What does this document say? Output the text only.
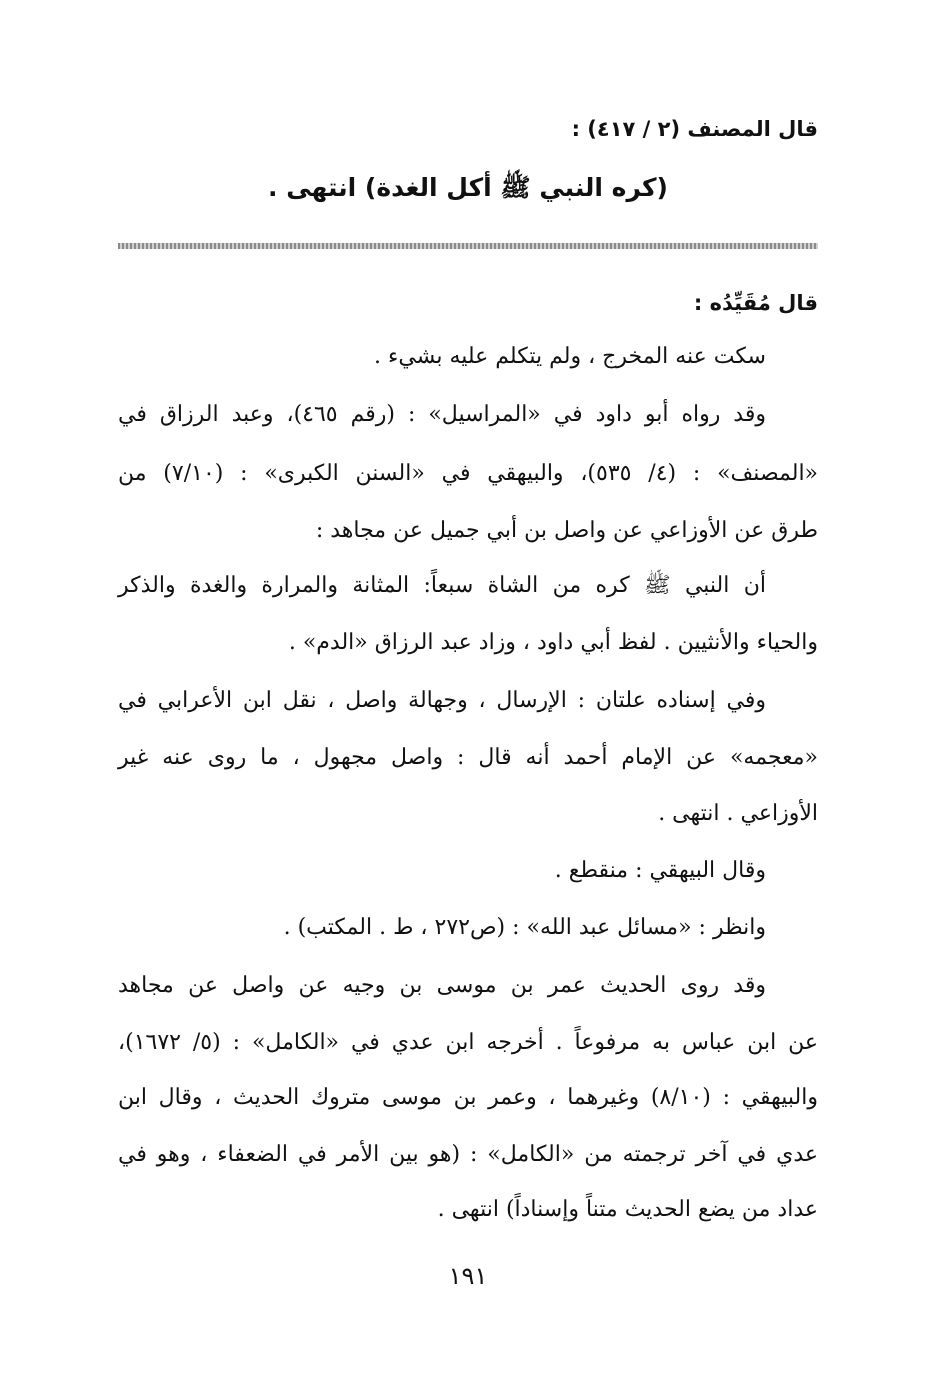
قال المصنف (٢ / ٤١٧) :
(كره النبي ﷺ أكل الغدة) انتهى .
قال مُقَيِّدُه :
سكت عنه المخرج ، ولم يتكلم عليه بشيء .
وقد رواه أبو داود في «المراسيل» : (رقم ٤٦٥)، وعبد الرزاق في
«المصنف» : (٤/ ٥٣٥)، والبيهقي في «السنن الكبرى» : (٧/١٠) من
طرق عن الأوزاعي عن واصل بن أبي جميل عن مجاهد :
أن النبي ﷺ كره من الشاة سبعاً: المثانة والمرارة والغدة والذكر
والحياء والأنثيين . لفظ أبي داود ، وزاد عبد الرزاق «الدم» .
وفي إسناده علتان : الإرسال ، وجهالة واصل ، نقل ابن الأعرابي في
«معجمه» عن الإمام أحمد أنه قال : واصل مجهول ، ما روى عنه غير
الأوزاعي . انتهى .
وقال البيهقي : منقطع .
وانظر : «مسائل عبد الله» : (ص٢٧٢ ، ط . المكتب) .
وقد روى الحديث عمر بن موسى بن وجيه عن واصل عن مجاهد
عن ابن عباس به مرفوعاً . أخرجه ابن عدي في «الكامل» : (٥/ ١٦٧٢)،
والبيهقي : (٨/١٠) وغيرهما ، وعمر بن موسى متروك الحديث ، وقال ابن
عدي في آخر ترجمته من «الكامل» : (هو بين الأمر في الضعفاء ، وهو في
عداد من يضع الحديث متناً وإسناداً) انتهى .
١٩١
